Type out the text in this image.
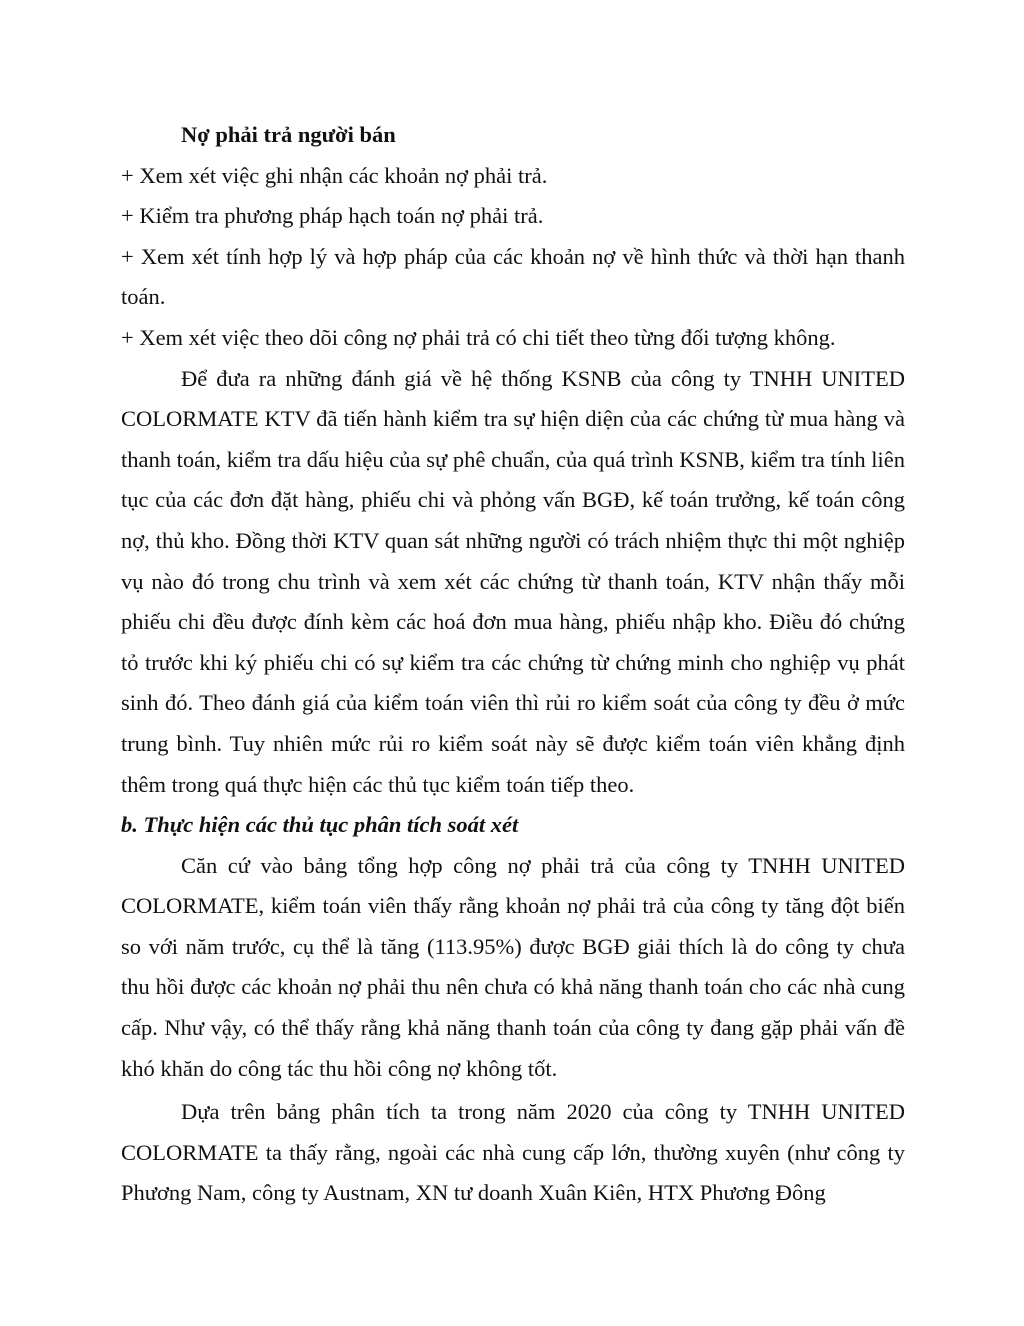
Nợ phải trả người bán

+ Xem xét việc ghi nhận các khoản nợ phải trả.

+ Kiểm tra phương pháp hạch toán nợ phải trả.

+ Xem xét tính hợp lý và hợp pháp của các khoản nợ về hình thức và thời hạn thanh toán.

+ Xem xét việc theo dõi công nợ phải trả có chi tiết theo từng đối tượng không.

Để đưa ra những đánh giá về hệ thống KSNB của công ty TNHH UNITED COLORMATE KTV đã tiến hành kiểm tra sự hiện diện của các chứng từ mua hàng và thanh toán, kiểm tra dấu hiệu của sự phê chuẩn, của quá trình KSNB, kiểm tra tính liên tục của các đơn đặt hàng, phiếu chi và phỏng vấn BGĐ, kế toán trưởng, kế toán công nợ, thủ kho. Đồng thời KTV quan sát những người có trách nhiệm thực thi một nghiệp vụ nào đó trong chu trình và xem xét các chứng từ thanh toán, KTV nhận thấy mỗi phiếu chi đều được đính kèm các hoá đơn mua hàng, phiếu nhập kho. Điều đó chứng tỏ trước khi ký phiếu chi có sự kiểm tra các chứng từ chứng minh cho nghiệp vụ phát sinh đó. Theo đánh giá của kiểm toán viên thì rủi ro kiểm soát của công ty đều ở mức trung bình. Tuy nhiên mức rủi ro kiểm soát này sẽ được kiểm toán viên khẳng định thêm trong quá thực hiện các thủ tục kiểm toán tiếp theo.

b. Thực hiện các thủ tục phân tích soát xét

Căn cứ vào bảng tổng hợp công nợ phải trả của công ty TNHH UNITED COLORMATE, kiểm toán viên thấy rằng khoản nợ phải trả của công ty tăng đột biến so với năm trước, cụ thể là tăng (113.95%) được BGĐ giải thích là do công ty chưa thu hồi được các khoản nợ phải thu nên chưa có khả năng thanh toán cho các nhà cung cấp. Như vậy, có thể thấy rằng khả năng thanh toán của công ty đang gặp phải vấn đề khó khăn do công tác thu hồi công nợ không tốt.

Dựa trên bảng phân tích ta trong năm 2020 của công ty TNHH UNITED COLORMATE ta thấy rằng, ngoài các nhà cung cấp lớn, thường xuyên (như công ty Phương Nam, công ty Austnam, XN tư doanh Xuân Kiên, HTX Phương Đông
